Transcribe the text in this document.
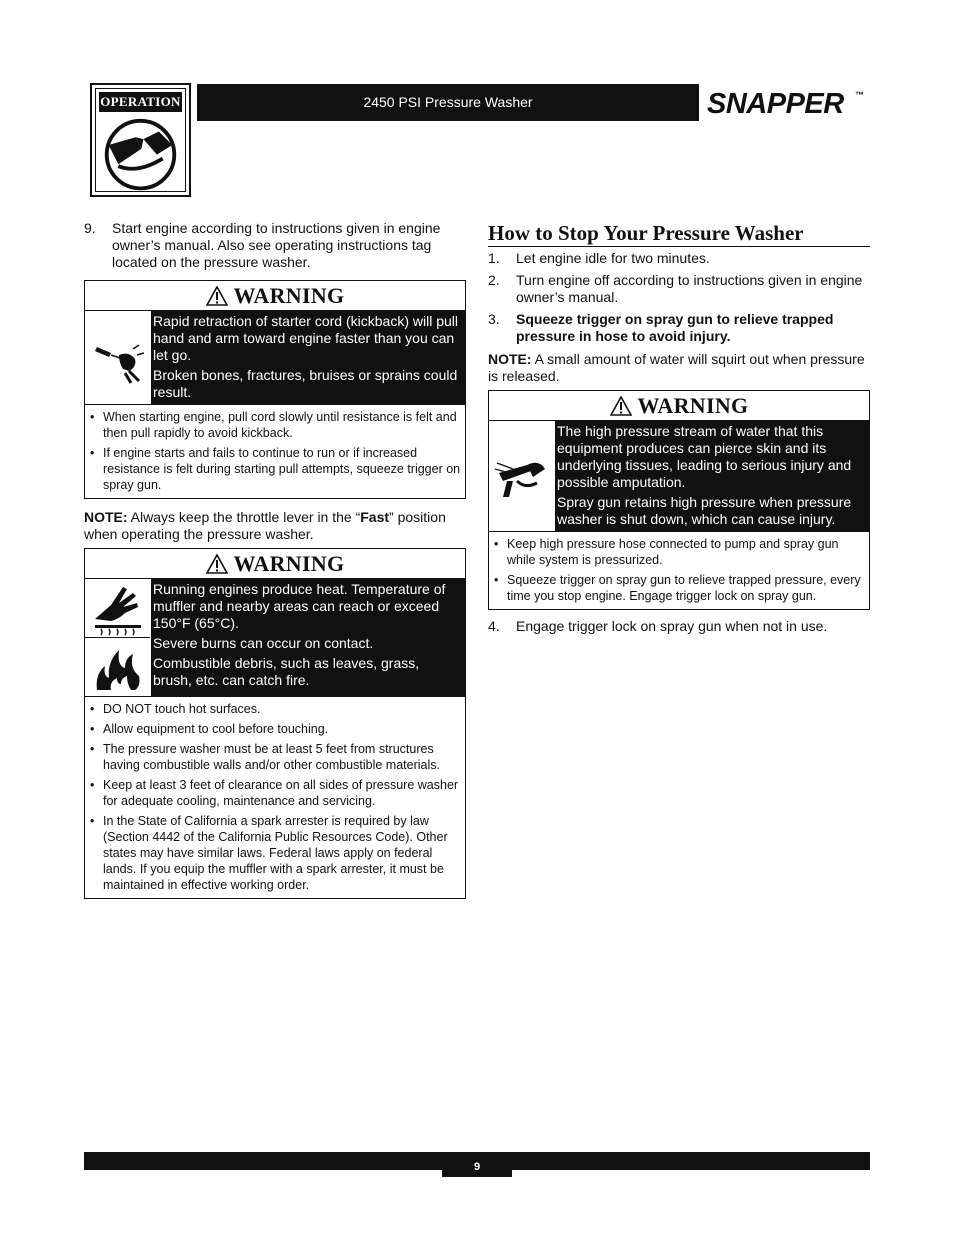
OPERATION	2450 PSI Pressure Washer	SNAPPER ™
9.	Start engine according to instructions given in engine owner’s manual. Also see operating instructions tag located on the pressure washer.
WARNING

Rapid retraction of starter cord (kickback) will pull hand and arm toward engine faster than you can let go.

Broken bones, fractures, bruises or sprains could result.

• When starting engine, pull cord slowly until resistance is felt and then pull rapidly to avoid kickback.
• If engine starts and fails to continue to run or if increased resistance is felt during starting pull attempts, squeeze trigger on spray gun.

NOTE: Always keep the throttle lever in the “Fast” position when operating the pressure washer.

WARNING

Running engines produce heat. Temperature of muffler and nearby areas can reach or exceed 150°F (65°C).

Severe burns can occur on contact.

Combustible debris, such as leaves, grass, brush, etc. can catch fire.

• DO NOT touch hot surfaces.
• Allow equipment to cool before touching.
• The pressure washer must be at least 5 feet from structures having combustible walls and/or other combustible materials.
• Keep at least 3 feet of clearance on all sides of pressure washer for adequate cooling, maintenance and servicing.
• In the State of California a spark arrester is required by law (Section 4442 of the California Public Resources Code). Other states may have similar laws. Federal laws apply on federal lands. If you equip the muffler with a spark arrester, it must be maintained in effective working order.
How to Stop Your Pressure Washer
1.	Let engine idle for two minutes.
2.	Turn engine off according to instructions given in engine owner’s manual.
3.	Squeeze trigger on spray gun to relieve trapped pressure in hose to avoid injury.

NOTE: A small amount of water will squirt out when pressure is released.

WARNING

The high pressure stream of water that this equipment produces can pierce skin and its underlying tissues, leading to serious injury and possible amputation.

Spray gun retains high pressure when pressure washer is shut down, which can cause injury.

• Keep high pressure hose connected to pump and spray gun while system is pressurized.
• Squeeze trigger on spray gun to relieve trapped pressure, every time you stop engine. Engage trigger lock on spray gun.
4.	Engage trigger lock on spray gun when not in use.
9
